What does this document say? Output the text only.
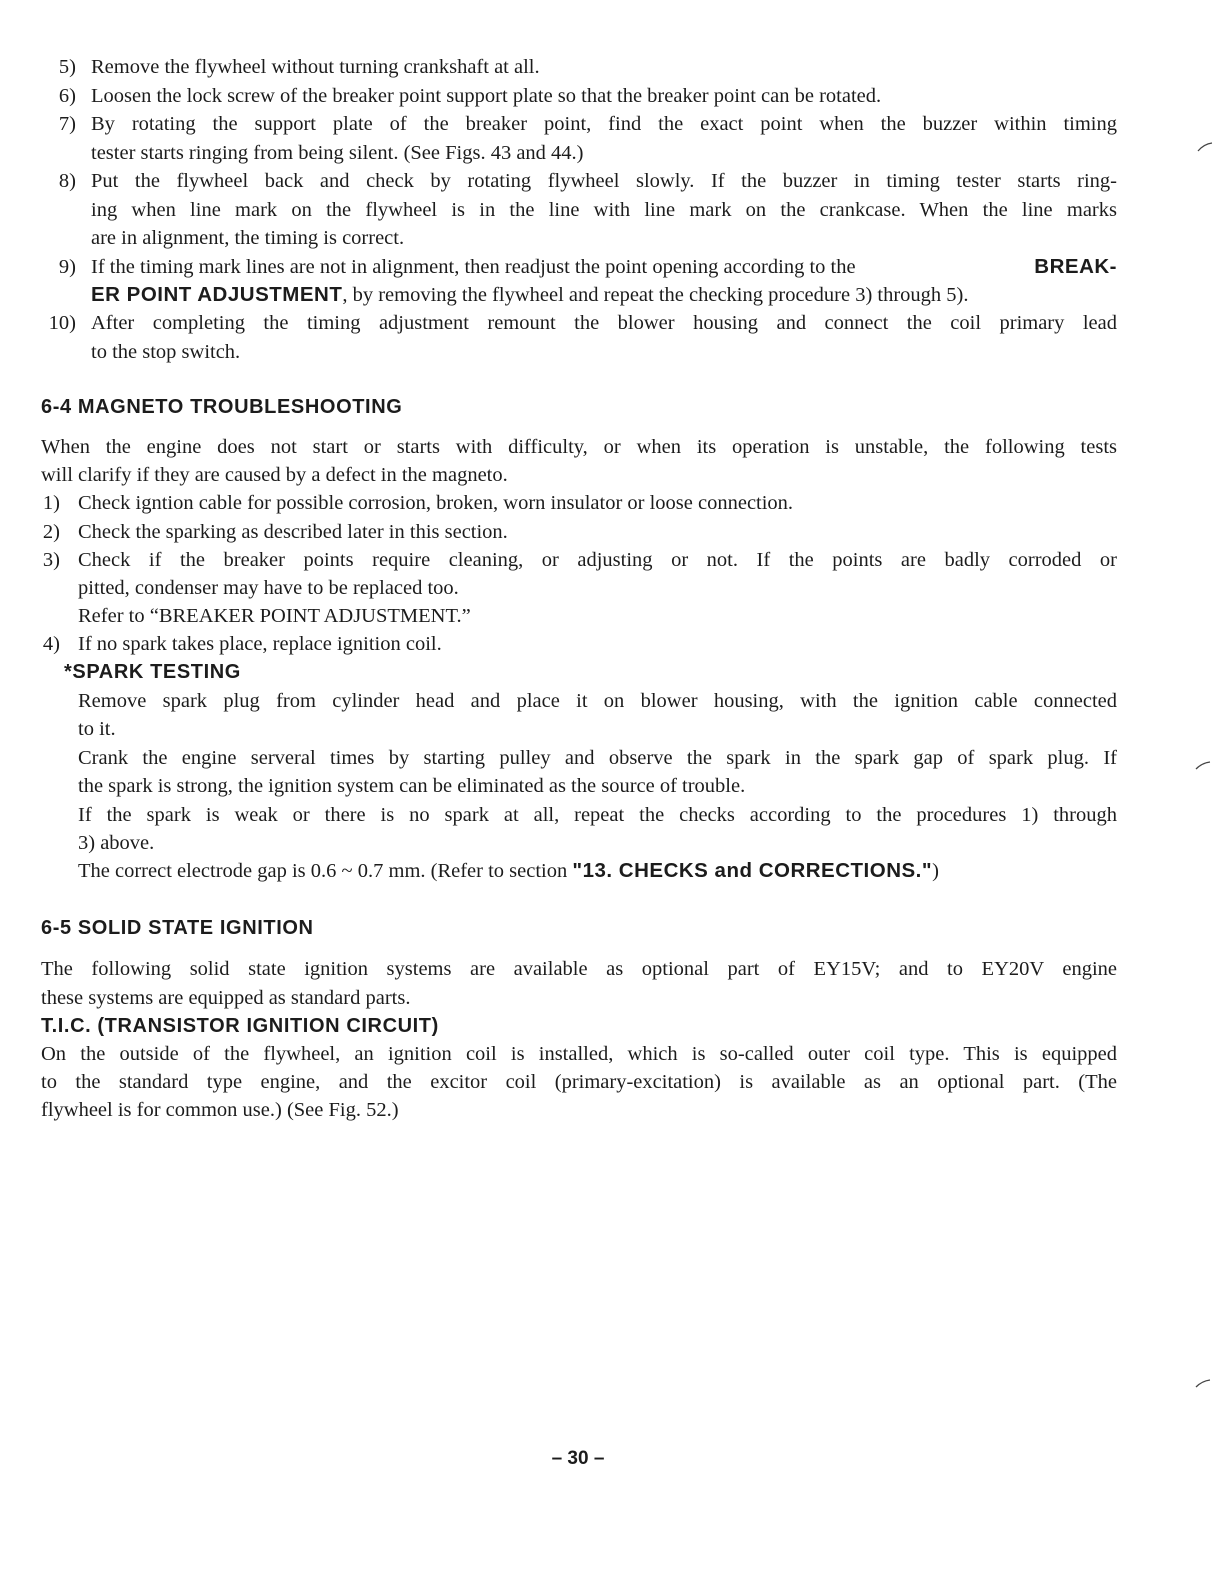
5) Remove the flywheel without turning crankshaft at all.
6) Loosen the lock screw of the breaker point support plate so that the breaker point can be rotated.
7) By rotating the support plate of the breaker point, find the exact point when the buzzer within timing
tester starts ringing from being silent. (See Figs. 43 and 44.)
8) Put the flywheel back and check by rotating flywheel slowly. If the buzzer in timing tester starts ring-
ing when line mark on the flywheel is in the line with line mark on the crankcase. When the line marks
are in alignment, the timing is correct.
9) If the timing mark lines are not in alignment, then readjust the point opening according to the	BREAK-
ER POINT ADJUSTMENT, by removing the flywheel and repeat the checking procedure 3) through 5).
10) After completing the timing adjustment remount the blower housing and connect the coil primary lead
to the stop switch.
6-4 MAGNETO TROUBLESHOOTING
When the engine does not start or starts with difficulty, or when its operation is unstable, the following tests
will clarify if they are caused by a defect in the magneto.
1) Check igntion cable for possible corrosion, broken, worn insulator or loose connection.
2) Check the sparking as described later in this section.
3) Check if the breaker points require cleaning, or adjusting or not. If the points are badly corroded or
pitted, condenser may have to be replaced too.
Refer to “BREAKER POINT ADJUSTMENT.”
4) If no spark takes place, replace ignition coil.
*SPARK TESTING
Remove spark plug from cylinder head and place it on blower housing, with the ignition cable connected
to it.
Crank the engine serveral times by starting pulley and observe the spark in the spark gap of spark plug. If
the spark is strong, the ignition system can be eliminated as the source of trouble.
If the spark is weak or there is no spark at all, repeat the checks according to the procedures 1) through
3) above.
The correct electrode gap is 0.6 ~ 0.7 mm. (Refer to section "13. CHECKS and CORRECTIONS.")
6-5 SOLID STATE IGNITION
The following solid state ignition systems are available as optional part of EY15V; and to EY20V engine
these systems are equipped as standard parts.
T.I.C. (TRANSISTOR IGNITION CIRCUIT)
On the outside of the flywheel, an ignition coil is installed, which is so-called outer coil type. This is equipped
to the standard type engine, and the excitor coil (primary-excitation) is available as an optional part. (The
flywheel is for common use.) (See Fig. 52.)
– 30 –
